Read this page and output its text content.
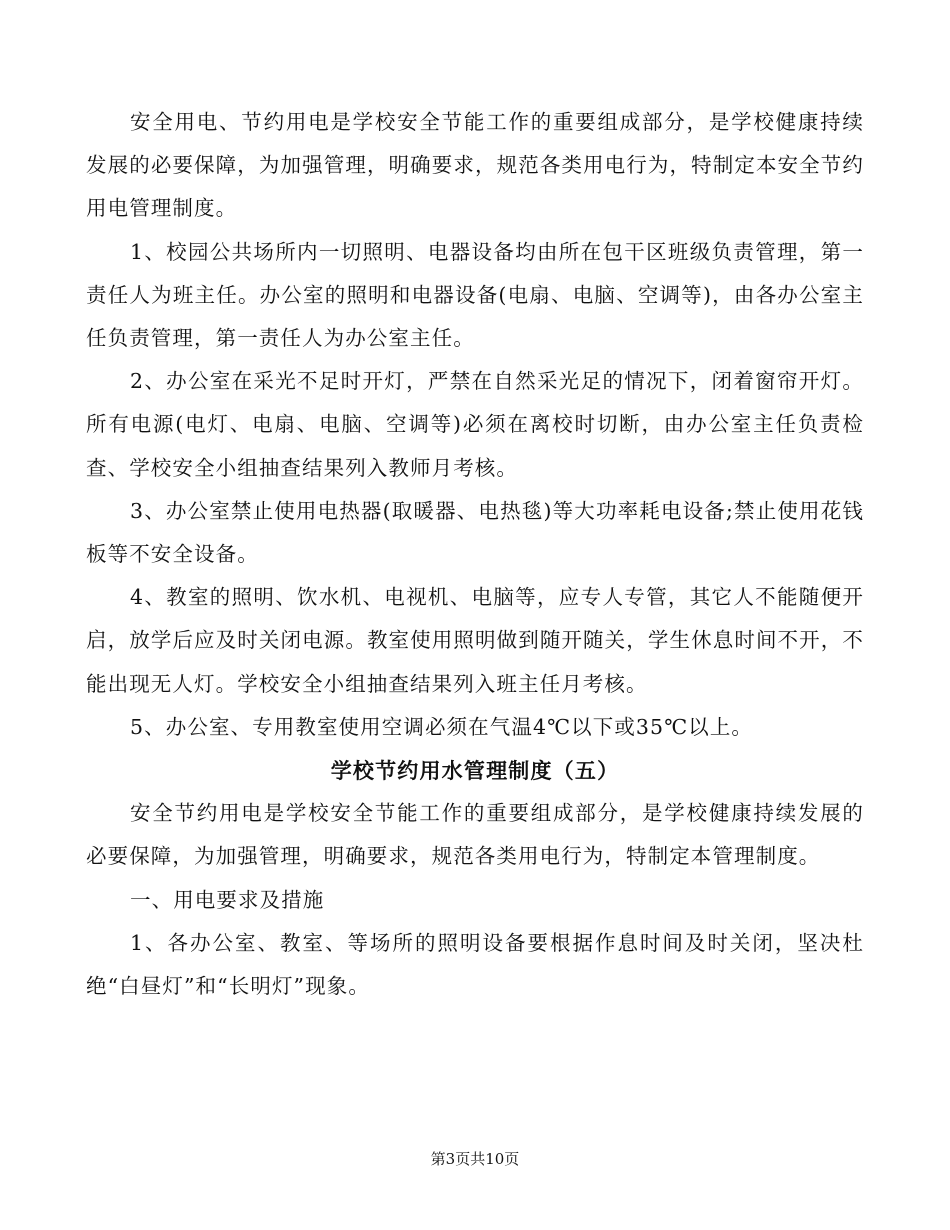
安全用电、节约用电是学校安全节能工作的重要组成部分，是学校健康持续发展的必要保障，为加强管理，明确要求，规范各类用电行为，特制定本安全节约用电管理制度。

1、校园公共场所内一切照明、电器设备均由所在包干区班级负责管理，第一责任人为班主任。办公室的照明和电器设备(电扇、电脑、空调等)，由各办公室主任负责管理，第一责任人为办公室主任。

2、办公室在采光不足时开灯，严禁在自然采光足的情况下，闭着窗帘开灯。所有电源(电灯、电扇、电脑、空调等)必须在离校时切断，由办公室主任负责检查、学校安全小组抽查结果列入教师月考核。

3、办公室禁止使用电热器(取暖器、电热毯)等大功率耗电设备;禁止使用花钱板等不安全设备。

4、教室的照明、饮水机、电视机、电脑等，应专人专管，其它人不能随便开启，放学后应及时关闭电源。教室使用照明做到随开随关，学生休息时间不开，不能出现无人灯。学校安全小组抽查结果列入班主任月考核。

5、办公室、专用教室使用空调必须在气温4℃以下或35℃以上。

学校节约用水管理制度（五）

安全节约用电是学校安全节能工作的重要组成部分，是学校健康持续发展的必要保障，为加强管理，明确要求，规范各类用电行为，特制定本管理制度。

一、用电要求及措施

1、各办公室、教室、等场所的照明设备要根据作息时间及时关闭，坚决杜绝“白昼灯”和“长明灯”现象。

第3页共10页
